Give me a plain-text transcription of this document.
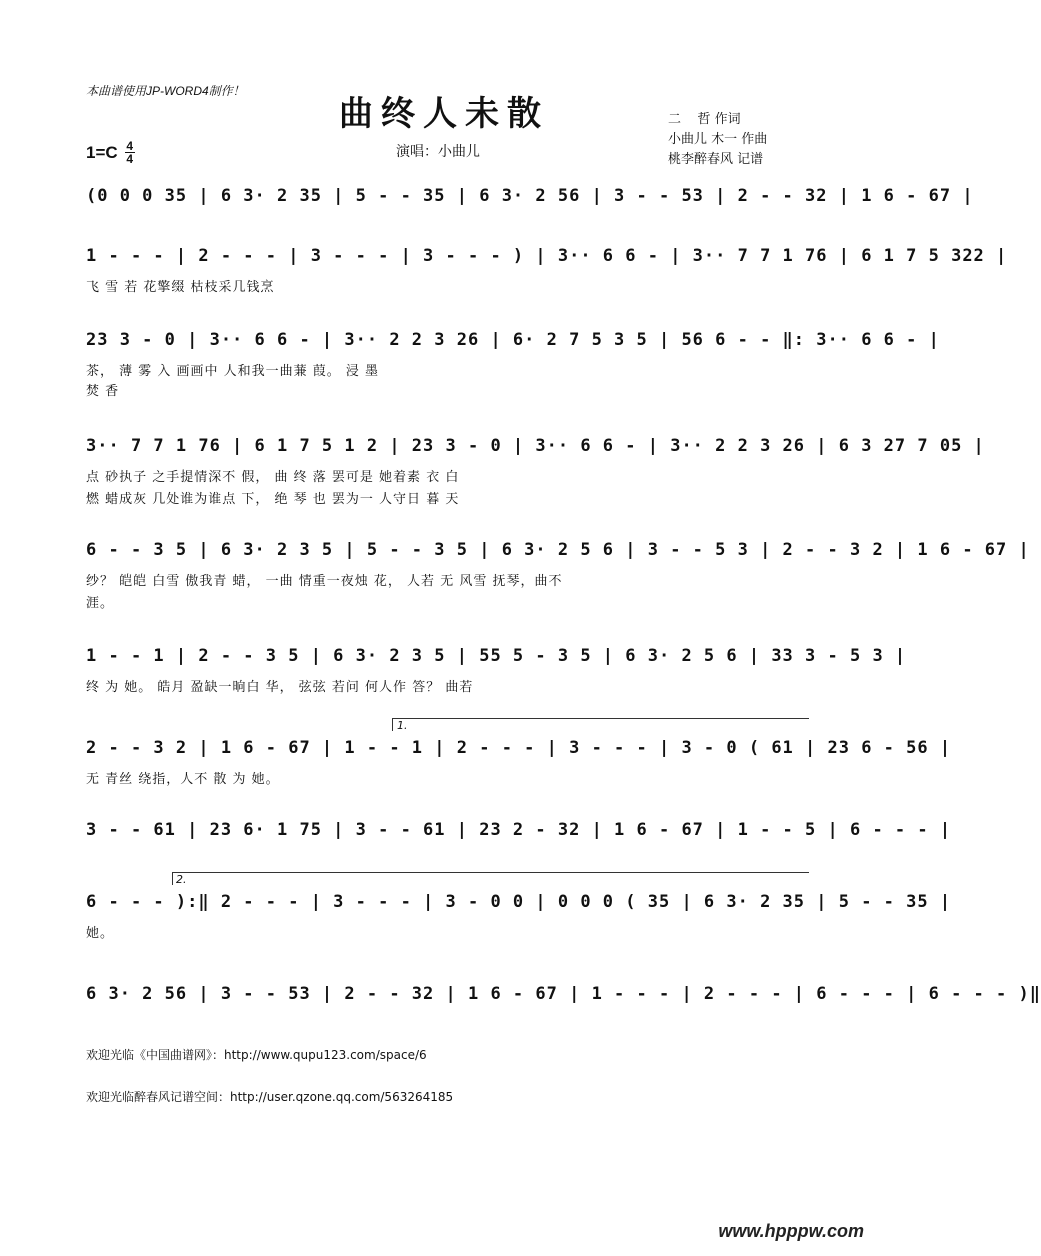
本曲谱使用JP-WORD4制作！
曲终人未散	二    哲 作词
小曲儿 木一 作曲
桃李醉春风 记谱
1=C 4
4	演唱：小曲儿
(0 0 0 35 | 6 3· 2 35 | 5 - - 35 | 6 3· 2 56 | 3 - - 53 | 2 - - 32 | 1 6 - 67 |
1 - - - | 2 - - - | 3 - - - | 3 - - - ) | 3·· 6 6 - | 3·· 7 7 1 76 | 6 1 7 5 322 |
飞 雪 若 花擎缀 枯枝采几钱烹
23 3 - 0 | 3·· 6 6 - | 3·· 2 2 3 26 | 6· 2 7 5 3 5 | 56 6 - - ‖: 3·· 6 6 - |
茶， 薄 雾 入 画画中 人和我一曲蒹 葭。 浸 墨
焚 香
3·· 7 7 1 76 | 6 1 7 5 1 2 | 23 3 - 0 | 3·· 6 6 - | 3·· 2 2 3 26 | 6 3 27 7 05 |
点 砂执子 之手提情深不 假， 曲 终 落 罢可是 她着素 衣 白
燃 蜡成灰 几处谁为谁点 下， 绝 琴 也 罢为一 人守日 暮 天
6 - - 3 5 | 6 3· 2 3 5 | 5 - - 3 5 | 6 3· 2 5 6 | 3 - - 5 3 | 2 - - 3 2 | 1 6 - 67 |
纱？ 皑皑 白雪 傲我青 蜡， 一曲 情重一夜烛 花， 人若 无 风雪 抚琴，曲不
涯。
1 - - 1 | 2 - - 3 5 | 6 3· 2 3 5 | 55 5 - 3 5 | 6 3· 2 5 6 | 33 3 - 5 3 |
终 为 她。 皓月 盈缺一晌白 华， 弦弦 若问 何人作 答？ 曲若
1.
2 - - 3 2 | 1 6 - 67 | 1 - - 1 | 2 - - - | 3 - - - | 3 - 0 ( 61 | 23 6 - 56 |
无 青丝 绕指，人不 散 为 她。
3 - - 61 | 23 6· 1 75 | 3 - - 61 | 23 2 - 32 | 1 6 - 67 | 1 - - 5 | 6 - - - |
2.
6 - - - ):‖ 2 - - - | 3 - - - | 3 - 0 0 | 0 0 0 ( 35 | 6 3· 2 35 | 5 - - 35 |
她。
6 3· 2 56 | 3 - - 53 | 2 - - 32 | 1 6 - 67 | 1 - - - | 2 - - - | 6 - - - | 6 - - - )‖
欢迎光临《中国曲谱网》：http://www.qupu123.com/space/6
欢迎光临醉春风记谱空间：http://user.qzone.qq.com/563264185
www.hpppw.com
